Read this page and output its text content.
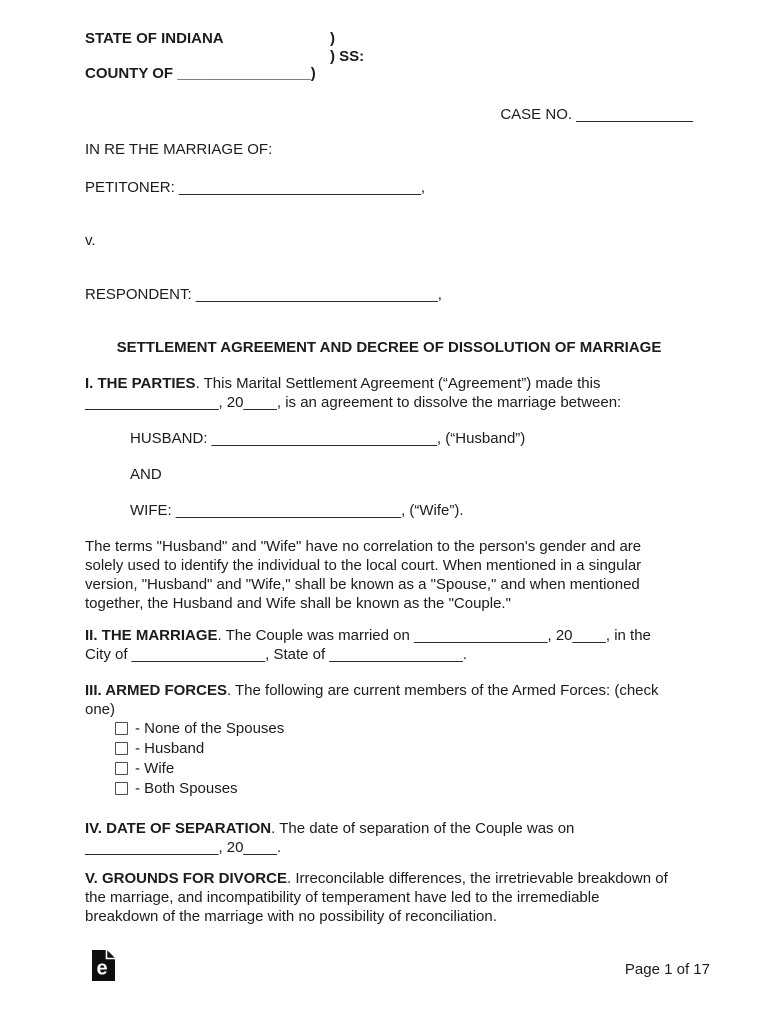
STATE OF INDIANA	)
) SS:
COUNTY OF ________________)
CASE NO. ______________
IN RE THE MARRIAGE OF:
PETITONER: _____________________________,
v.
RESPONDENT: _____________________________,
SETTLEMENT AGREEMENT AND DECREE OF DISSOLUTION OF MARRIAGE
I. THE PARTIES. This Marital Settlement Agreement (“Agreement”) made this
________________, 20____, is an agreement to dissolve the marriage between:
HUSBAND: ___________________________, (“Husband”)
AND
WIFE: ___________________________, (“Wife”).
The terms "Husband" and "Wife" have no correlation to the person's gender and are
solely used to identify the individual to the local court. When mentioned in a singular
version, "Husband" and "Wife," shall be known as a "Spouse," and when mentioned
together, the Husband and Wife shall be known as the "Couple."
II. THE MARRIAGE. The Couple was married on ________________, 20____, in the
City of ________________, State of ________________.
III. ARMED FORCES. The following are current members of the Armed Forces: (check
one)
- None of the Spouses
- Husband
- Wife
- Both Spouses
IV. DATE OF SEPARATION. The date of separation of the Couple was on
________________, 20____.
V. GROUNDS FOR DIVORCE. Irreconcilable differences, the irretrievable breakdown of
the marriage, and incompatibility of temperament have led to the irremediable
breakdown of the marriage with no possibility of reconciliation.
e	Page 1 of 17
